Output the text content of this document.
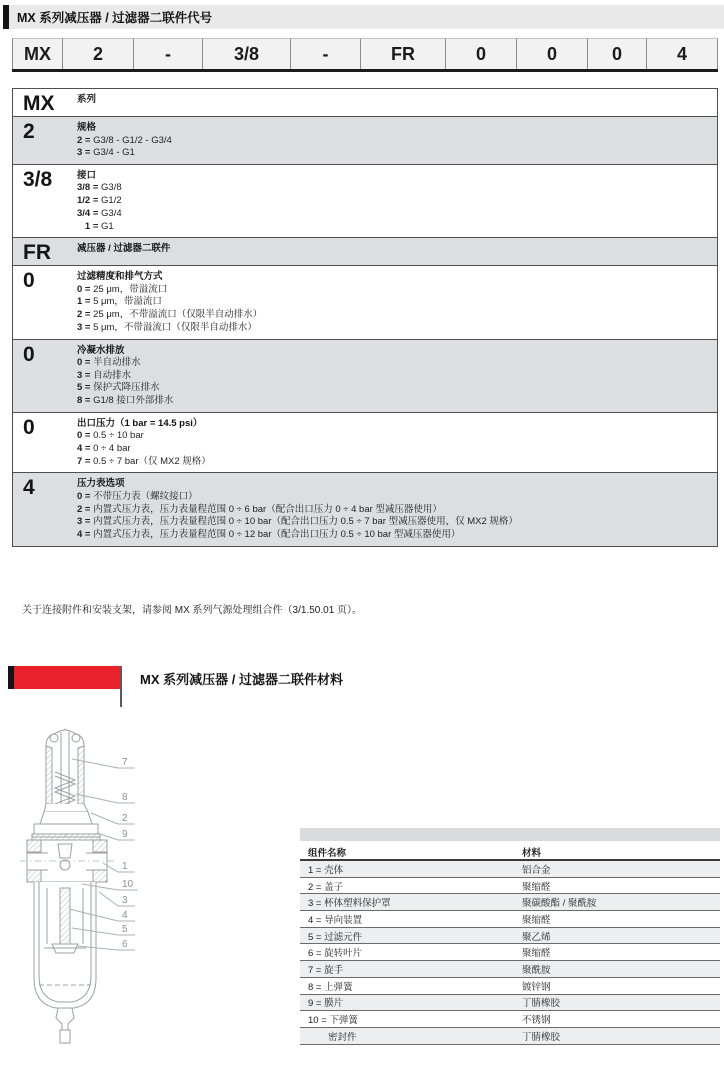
MX 系列减压器 / 过滤器二联件代号
MX	2	-	3/8	-	FR	0	0	0	4
MX	系列
2	规格
2 = G3/8 - G1/2 - G3/4
3 = G3/4 - G1
3/8	接口
3/8 = G3/8
1/2 = G1/2
3/4 = G3/4
1 = G1
FR	减压器 / 过滤器二联件
0	过滤精度和排气方式
0 = 25 μm，带溢流口
1 = 5 μm，带溢流口
2 = 25 μm，不带溢流口（仅限半自动排水）
3 = 5 μm，不带溢流口（仅限半自动排水）
0	冷凝水排放
0 = 半自动排水
3 = 自动排水
5 = 保护式降压排水
8 = G1/8 接口外部排水
0	出口压力（1 bar = 14.5 psi）
0 = 0.5 ÷ 10 bar
4 = 0 ÷ 4 bar
7 = 0.5 ÷ 7 bar（仅 MX2 规格）
4	压力表选项
0 = 不带压力表（螺纹接口）
2 = 内置式压力表，压力表量程范围 0 ÷ 6 bar（配合出口压力 0 ÷ 4 bar 型减压器使用）
3 = 内置式压力表，压力表量程范围 0 ÷ 10 bar（配合出口压力 0.5 ÷ 7 bar 型减压器使用，仅 MX2 规格）
4 = 内置式压力表，压力表量程范围 0 ÷ 12 bar（配合出口压力 0.5 ÷ 10 bar 型减压器使用）
关于连接附件和安装支架，请参阅 MX 系列气源处理组合件（3/1.50.01 页）。
MX 系列减压器 / 过滤器二联件材料
7
8
2
9
1
10
3
4
5
6
组件名称	材料
1 = 壳体	铝合金
2 = 盖子	聚缩醛
3 = 杯体塑料保护罩	聚碳酸酯 / 聚酰胺
4 = 导向装置	聚缩醛
5 = 过滤元件	聚乙烯
6 = 旋转叶片	聚缩醛
7 = 旋手	聚酰胺
8 = 上弹簧	镀锌钢
9 = 膜片	丁腈橡胶
10 = 下弹簧	不锈钢
密封件	丁腈橡胶
